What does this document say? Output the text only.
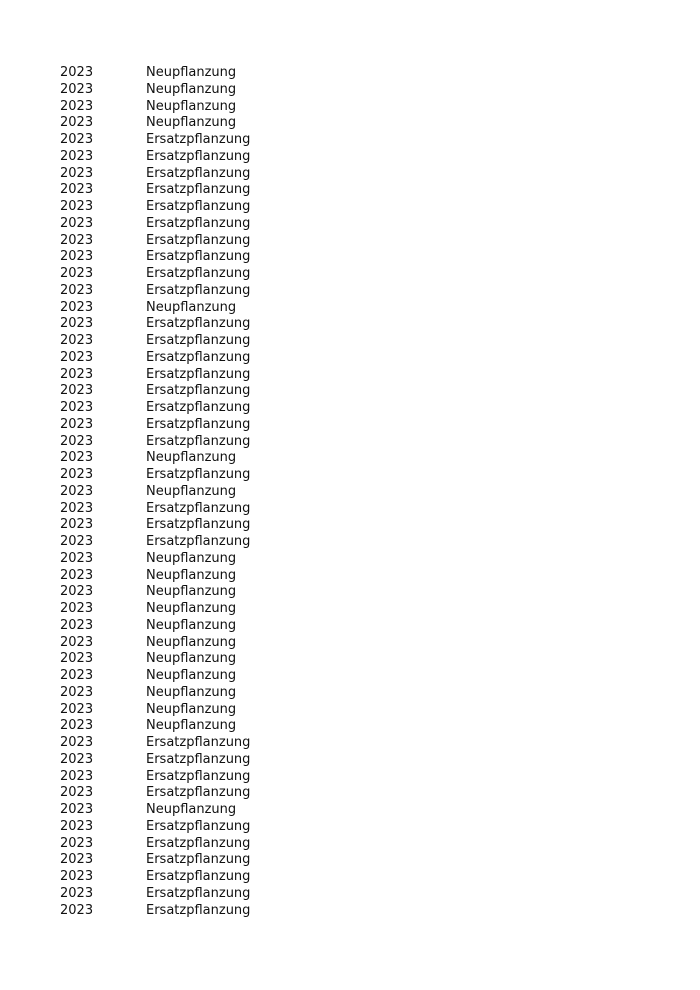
2023	Neupflanzung
2023	Neupflanzung
2023	Neupflanzung
2023	Neupflanzung
2023	Ersatzpflanzung
2023	Ersatzpflanzung
2023	Ersatzpflanzung
2023	Ersatzpflanzung
2023	Ersatzpflanzung
2023	Ersatzpflanzung
2023	Ersatzpflanzung
2023	Ersatzpflanzung
2023	Ersatzpflanzung
2023	Ersatzpflanzung
2023	Neupflanzung
2023	Ersatzpflanzung
2023	Ersatzpflanzung
2023	Ersatzpflanzung
2023	Ersatzpflanzung
2023	Ersatzpflanzung
2023	Ersatzpflanzung
2023	Ersatzpflanzung
2023	Ersatzpflanzung
2023	Neupflanzung
2023	Ersatzpflanzung
2023	Neupflanzung
2023	Ersatzpflanzung
2023	Ersatzpflanzung
2023	Ersatzpflanzung
2023	Neupflanzung
2023	Neupflanzung
2023	Neupflanzung
2023	Neupflanzung
2023	Neupflanzung
2023	Neupflanzung
2023	Neupflanzung
2023	Neupflanzung
2023	Neupflanzung
2023	Neupflanzung
2023	Neupflanzung
2023	Ersatzpflanzung
2023	Ersatzpflanzung
2023	Ersatzpflanzung
2023	Ersatzpflanzung
2023	Neupflanzung
2023	Ersatzpflanzung
2023	Ersatzpflanzung
2023	Ersatzpflanzung
2023	Ersatzpflanzung
2023	Ersatzpflanzung
2023	Ersatzpflanzung
